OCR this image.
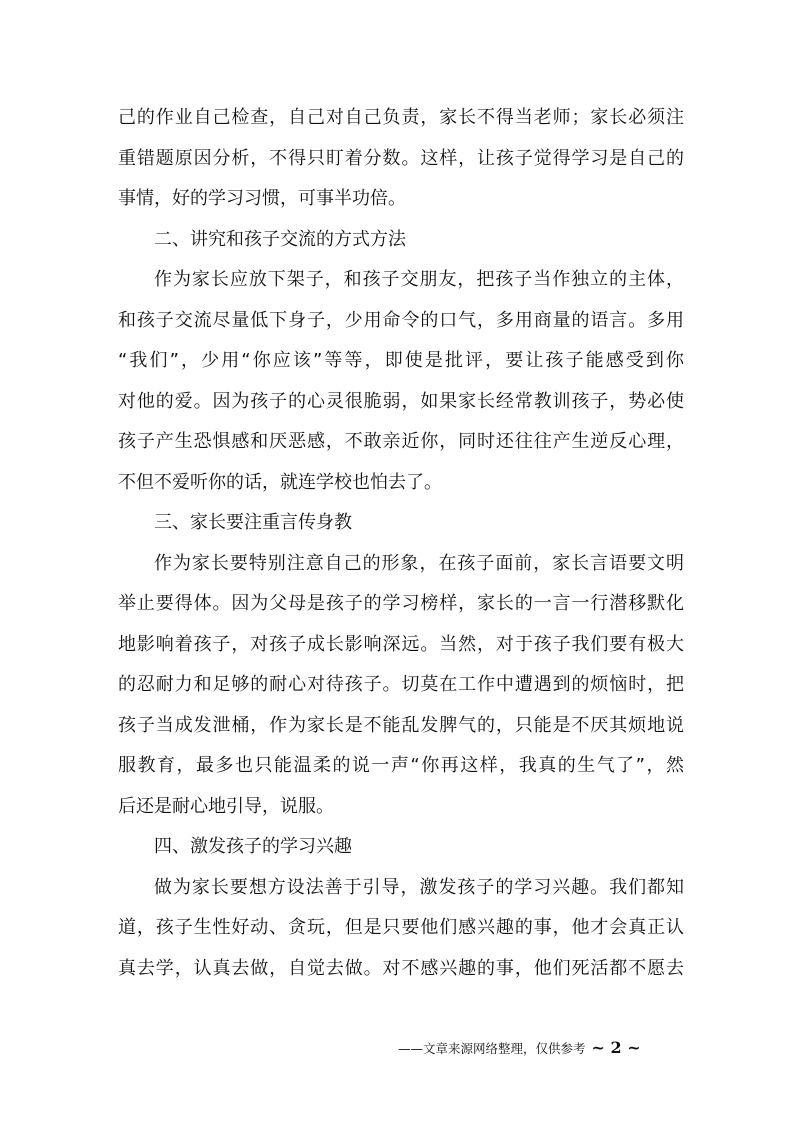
己的作业自己检查，自己对自己负责，家长不得当老师；家长必须注
重错题原因分析，不得只盯着分数。这样，让孩子觉得学习是自己的
事情，好的学习习惯，可事半功倍。
二、讲究和孩子交流的方式方法
作为家长应放下架子，和孩子交朋友，把孩子当作独立的主体，
和孩子交流尽量低下身子，少用命令的口气，多用商量的语言。多用
“我们”，少用“你应该”等等，即使是批评，要让孩子能感受到你
对他的爱。因为孩子的心灵很脆弱，如果家长经常教训孩子，势必使
孩子产生恐惧感和厌恶感，不敢亲近你，同时还往往产生逆反心理，
不但不爱听你的话，就连学校也怕去了。
三、家长要注重言传身教
作为家长要特别注意自己的形象，在孩子面前，家长言语要文明
举止要得体。因为父母是孩子的学习榜样，家长的一言一行潜移默化
地影响着孩子，对孩子成长影响深远。当然，对于孩子我们要有极大
的忍耐力和足够的耐心对待孩子。切莫在工作中遭遇到的烦恼时，把
孩子当成发泄桶，作为家长是不能乱发脾气的，只能是不厌其烦地说
服教育，最多也只能温柔的说一声“你再这样，我真的生气了”，然
后还是耐心地引导，说服。
四、激发孩子的学习兴趣
做为家长要想方设法善于引导，激发孩子的学习兴趣。我们都知
道，孩子生性好动、贪玩，但是只要他们感兴趣的事，他才会真正认
真去学，认真去做，自觉去做。对不感兴趣的事，他们死活都不愿去
——文章来源网络整理，仅供参考 ~ 2 ~
